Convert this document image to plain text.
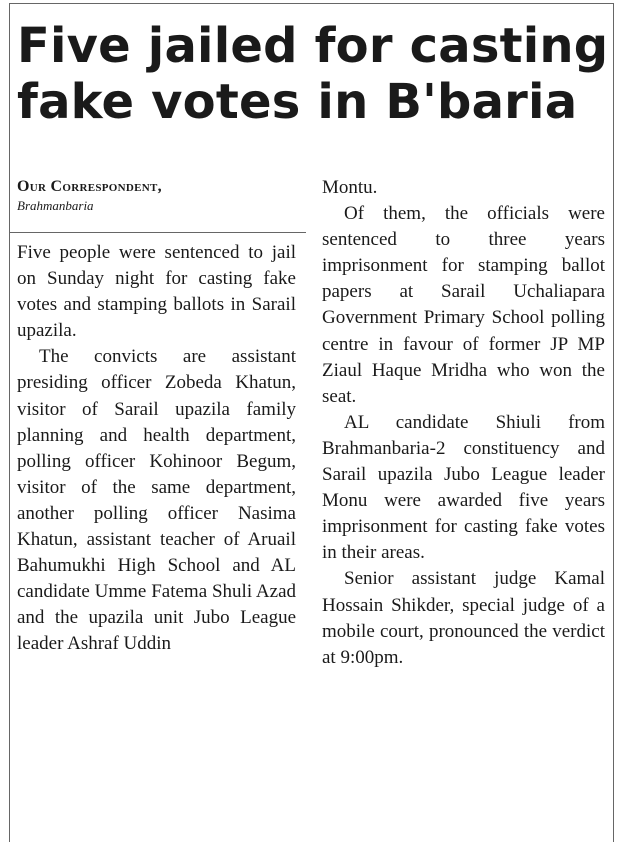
Five jailed for casting fake votes in B'baria
Our Correspondent,
Brahmanbaria

Five people were sentenced to jail on Sunday night for casting fake votes and stamping ballots in Sarail upazila.

The convicts are assistant presiding officer Zobeda Khatun, visitor of Sarail upazila family planning and health department, polling officer Kohinoor Begum, visitor of the same department, another polling officer Nasima Khatun, assistant teacher of Aruail Bahumukhi High School and AL candidate Umme Fatema Shuli Azad and the upazila unit Jubo League leader Ashraf Uddin

Montu.

Of them, the officials were sentenced to three years imprisonment for stamping ballot papers at Sarail Uchaliapara Government Primary School polling centre in favour of former JP MP Ziaul Haque Mridha who won the seat.

AL candidate Shiuli from Brahmanbaria-2 constituency and Sarail upazila Jubo League leader Monu were awarded five years imprisonment for casting fake votes in their areas.

Senior assistant judge Kamal Hossain Shikder, special judge of a mobile court, pronounced the verdict at 9:00pm.
